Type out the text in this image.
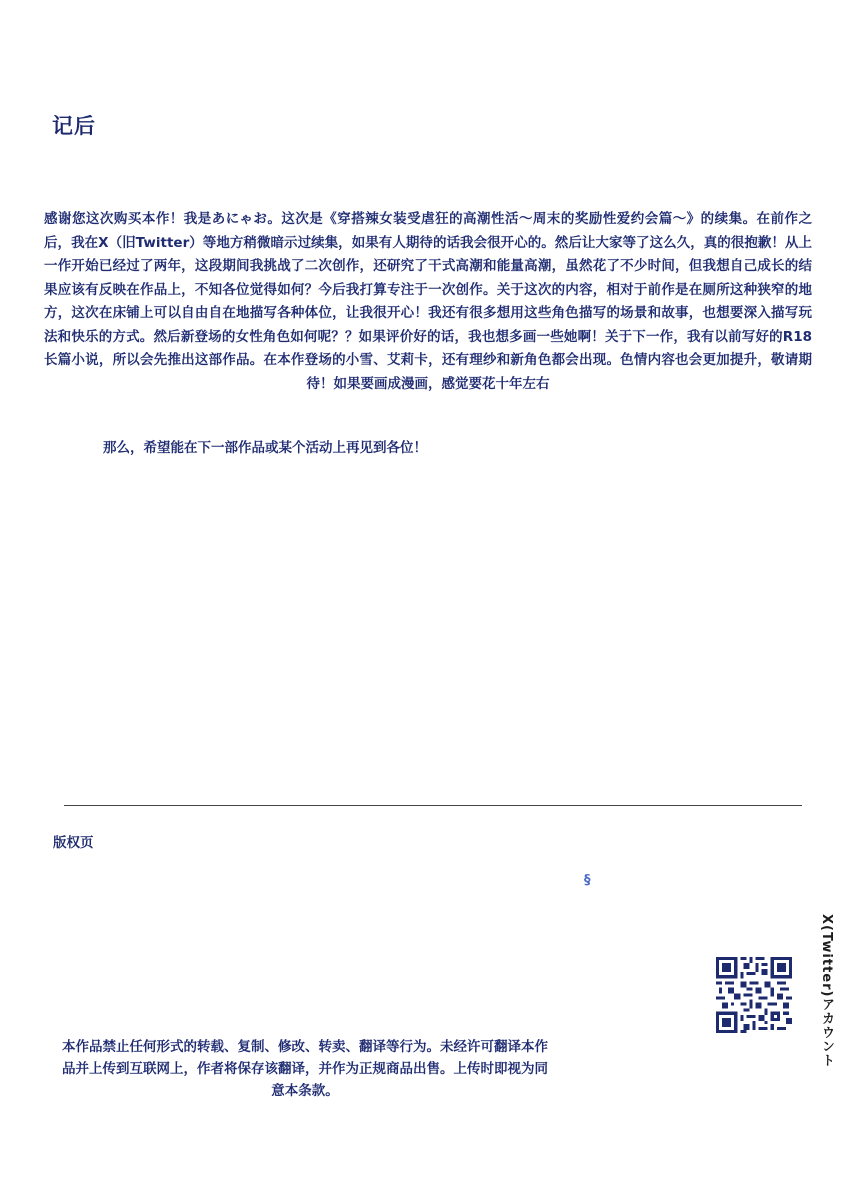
记后
感谢您这次购买本作！我是あにゃお。这次是《穿搭辣女装受虐狂的高潮性活～周末的奖励性爱约会篇～》的续集。在前作之后，我在X（旧Twitter）等地方稍微暗示过续集，如果有人期待的话我会很开心的。然后让大家等了这么久，真的很抱歉！从上一作开始已经过了两年，这段期间我挑战了二次创作，还研究了干式高潮和能量高潮，虽然花了不少时间，但我想自己成长的结果应该有反映在作品上，不知各位觉得如何？今后我打算专注于一次创作。关于这次的内容，相对于前作是在厕所这种狭窄的地方，这次在床铺上可以自由自在地描写各种体位，让我很开心！我还有很多想用这些角色描写的场景和故事，也想要深入描写玩法和快乐的方式。然后新登场的女性角色如何呢？？如果评价好的话，我也想多画一些她啊！关于下一作，我有以前写好的R18长篇小说，所以会先推出这部作品。在本作登场的小雪、艾莉卡，还有理纱和新角色都会出现。色情内容也会更加提升，敬请期待！如果要画成漫画，感觉要花十年左右
那么，希望能在下一部作品或某个活动上再见到各位！
版权页
§
本作品禁止任何形式的转载、复制、修改、转卖、翻译等行为。未经许可翻译本作品并上传到互联网上，作者将保存该翻译，并作为正规商品出售。上传时即视为同意本条款。
X(Twitter)アカウント
